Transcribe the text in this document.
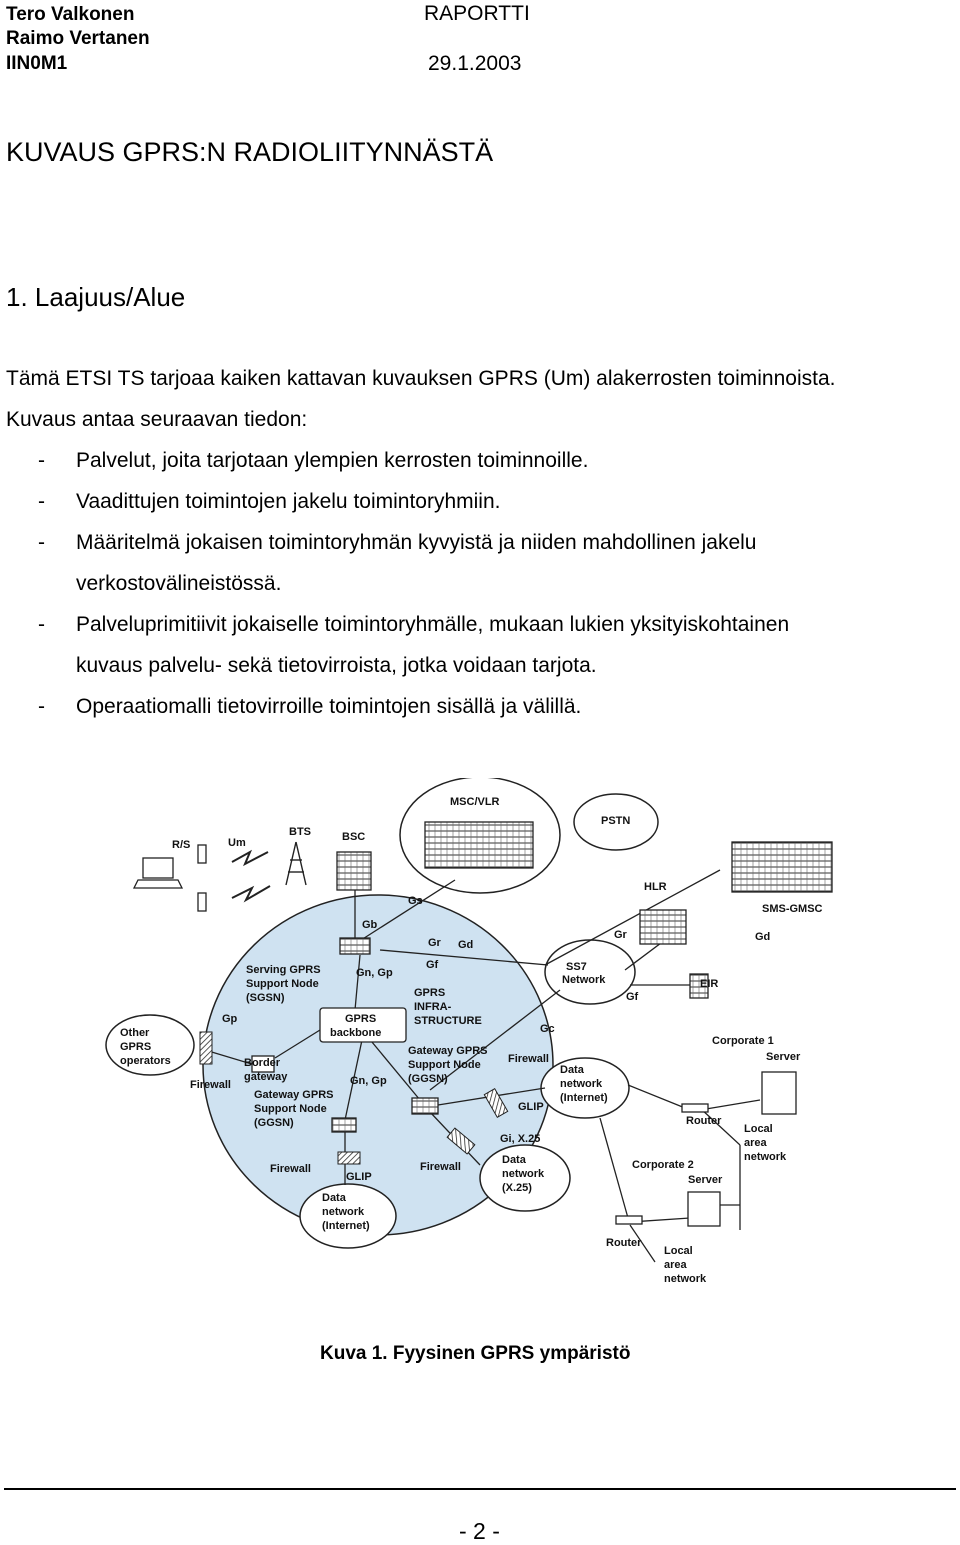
Tero Valkonen
Raimo Vertanen
IIN0M1
RAPORTTI
29.1.2003
KUVAUS GPRS:N RADIOLIITYNNÄSTÄ
1. Laajuus/Alue
Tämä ETSI TS tarjoaa kaiken kattavan kuvauksen GPRS (Um) alakerrosten toiminnoista.
Kuvaus antaa seuraavan tiedon:
- Palvelut, joita tarjotaan ylempien kerrosten toiminnoille.
- Vaadittujen toimintojen jakelu toimintoryhmiin.
- Määritelmä jokaisen toimintoryhmän kyvyistä ja niiden mahdollinen jakelu
verkostovälineistössä.
- Palveluprimitiivit jokaiselle toimintoryhmälle, mukaan lukien yksityiskohtainen
kuvaus palvelu- sekä tietovirroista, jotka voidaan tarjota.
- Operaatiomalli tietovirroille toimintojen sisällä ja välillä.
R/S	Um
BTS	BSC
MSC/VLR
PSTN
HLR
SMS-GMSC
Gs
Gb
Gr Gd
Gr	Gd
Gf
Gf
Gn, Gp
Gn, Gp
Gp
Gc
GLIP
GLIP
Gi, X.25
SS7
Network	EIR
Serving GPRS
Support Node
(SGSN)
GPRS
backbone
GPRS
INFRA-
STRUCTURE
Other
GPRS
operators
Firewall
Firewall
Firewall	Firewall
Border
gateway
Gateway GPRS
Support Node
(GGSN)
Gateway GPRS
Support Node
(GGSN)
Data
network
(Internet)
Data
network
(X.25)
Data
network
(Internet)
Corporate 1
Server
Corporate 2
Server
Router
Router
Local
area
network
Local
area
network
Kuva 1. Fyysinen GPRS ympäristö
- 2 -
